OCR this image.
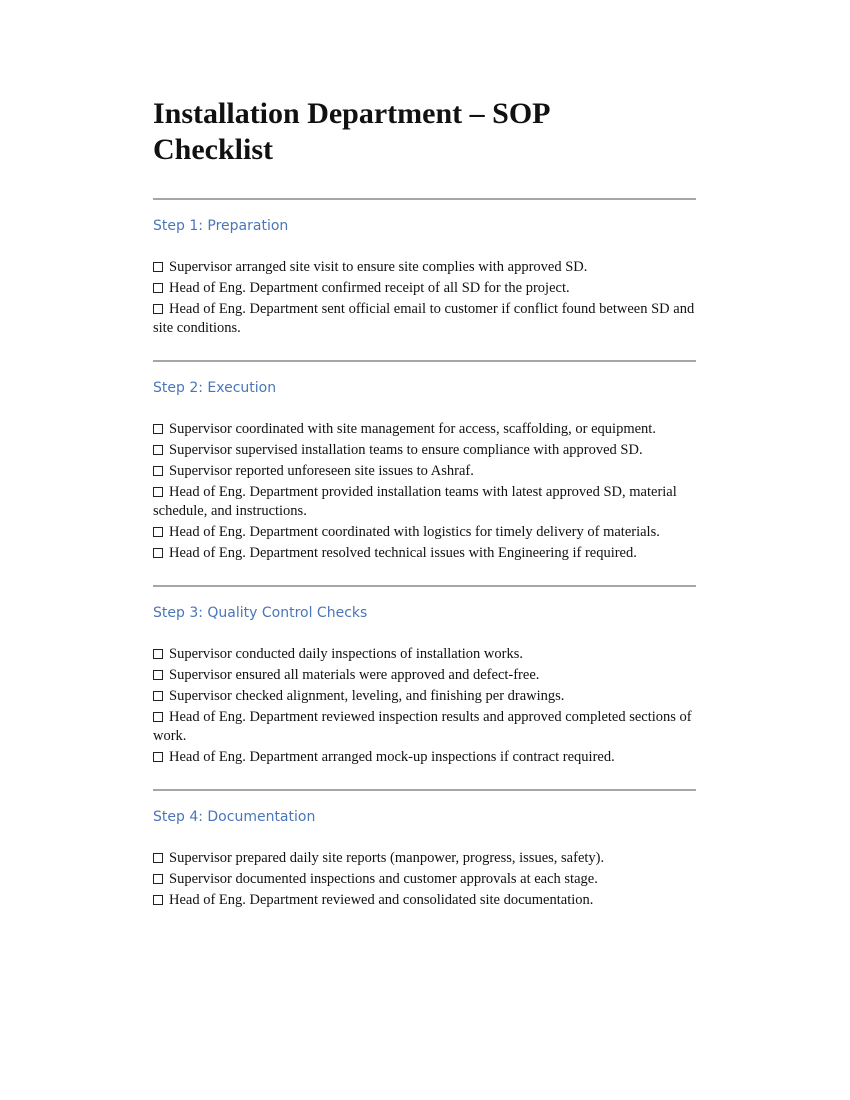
Installation Department – SOP
Checklist
Step 1: Preparation
Supervisor arranged site visit to ensure site complies with approved SD.
Head of Eng. Department confirmed receipt of all SD for the project.
Head of Eng. Department sent official email to customer if conflict found between SD and site conditions.
Step 2: Execution
Supervisor coordinated with site management for access, scaffolding, or equipment.
Supervisor supervised installation teams to ensure compliance with approved SD.
Supervisor reported unforeseen site issues to Ashraf.
Head of Eng. Department provided installation teams with latest approved SD, material schedule, and instructions.
Head of Eng. Department coordinated with logistics for timely delivery of materials.
Head of Eng. Department resolved technical issues with Engineering if required.
Step 3: Quality Control Checks
Supervisor conducted daily inspections of installation works.
Supervisor ensured all materials were approved and defect-free.
Supervisor checked alignment, leveling, and finishing per drawings.
Head of Eng. Department reviewed inspection results and approved completed sections of work.
Head of Eng. Department arranged mock-up inspections if contract required.
Step 4: Documentation
Supervisor prepared daily site reports (manpower, progress, issues, safety).
Supervisor documented inspections and customer approvals at each stage.
Head of Eng. Department reviewed and consolidated site documentation.
